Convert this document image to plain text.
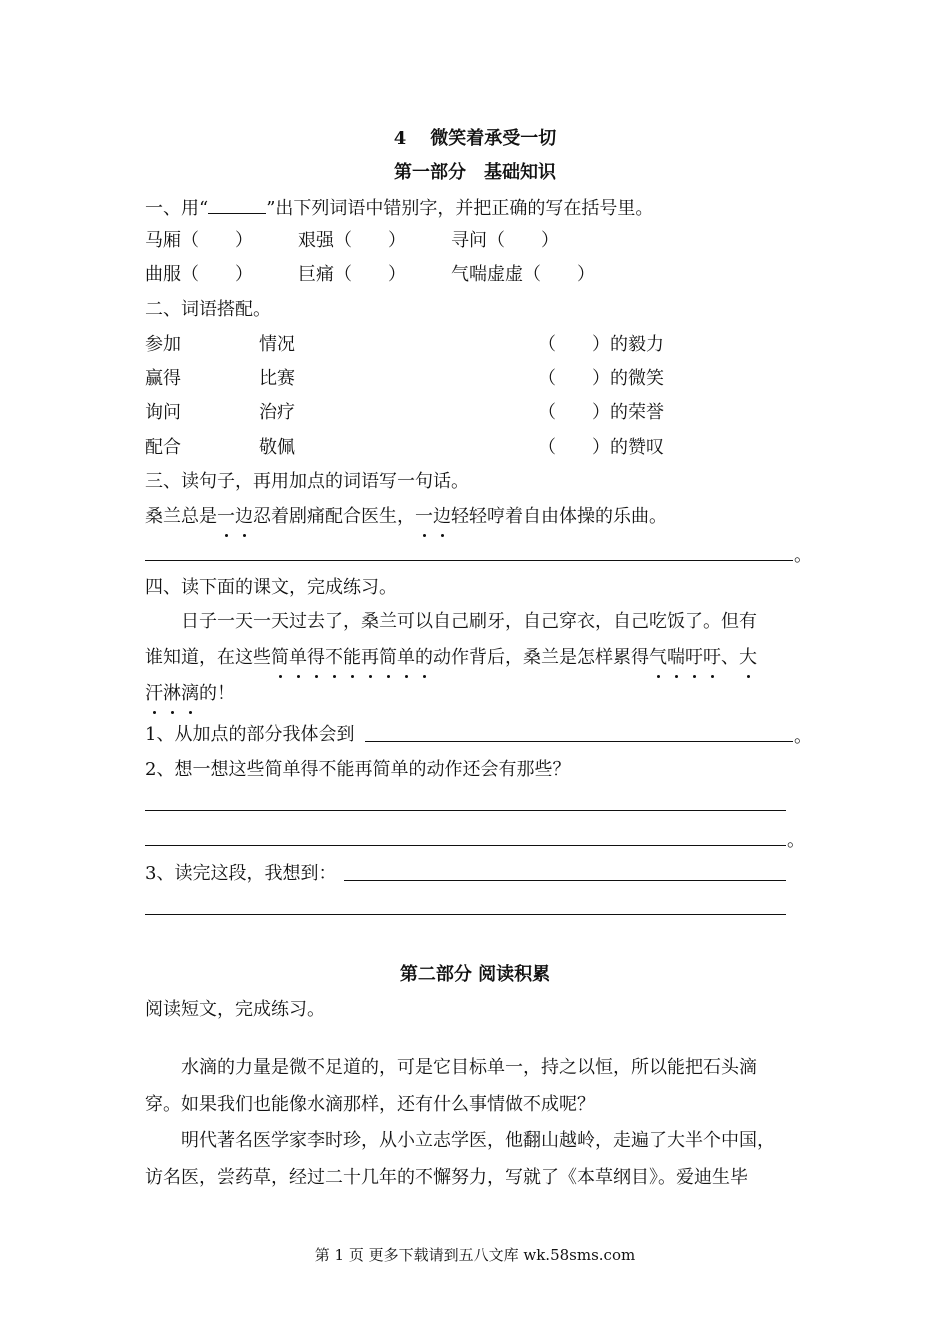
4 微笑着承受一切
第一部分　基础知识
一、用“	”出下列词语中错别字，并把正确的写在括号里。
马厢（　　）	艰强（　　）	寻问（　　）
曲服（　　）	巨痛（　　）	气喘虚虚（　　）
二、词语搭配。
参加	情况	（　　）的毅力
赢得	比赛	（　　）的微笑
询问	治疗	（　　）的荣誉
配合	敬佩	（　　）的赞叹
三、读句子，再用加点的词语写一句话。
桑兰总是一边忍着剧痛配合医生，一边轻轻哼着自由体操的乐曲。
。
四、读下面的课文，完成练习。
日子一天一天过去了，桑兰可以自己刷牙，自己穿衣，自己吃饭了。但有
谁知道，在这些简单得不能再简单的动作背后，桑兰是怎样累得气喘吁吁、大
汗淋漓的！
1、从加点的部分我体会到	。
2、想一想这些简单得不能再简单的动作还会有那些？
。
3、读完这段，我想到：
第二部分 阅读积累
阅读短文，完成练习。
水滴的力量是微不足道的，可是它目标单一，持之以恒，所以能把石头滴
穿。如果我们也能像水滴那样，还有什么事情做不成呢？
明代著名医学家李时珍，从小立志学医，他翻山越岭，走遍了大半个中国，
访名医，尝药草，经过二十几年的不懈努力，写就了《本草纲目》。爱迪生毕
第 1 页 更多下载请到五八文库 wk.58sms.com
